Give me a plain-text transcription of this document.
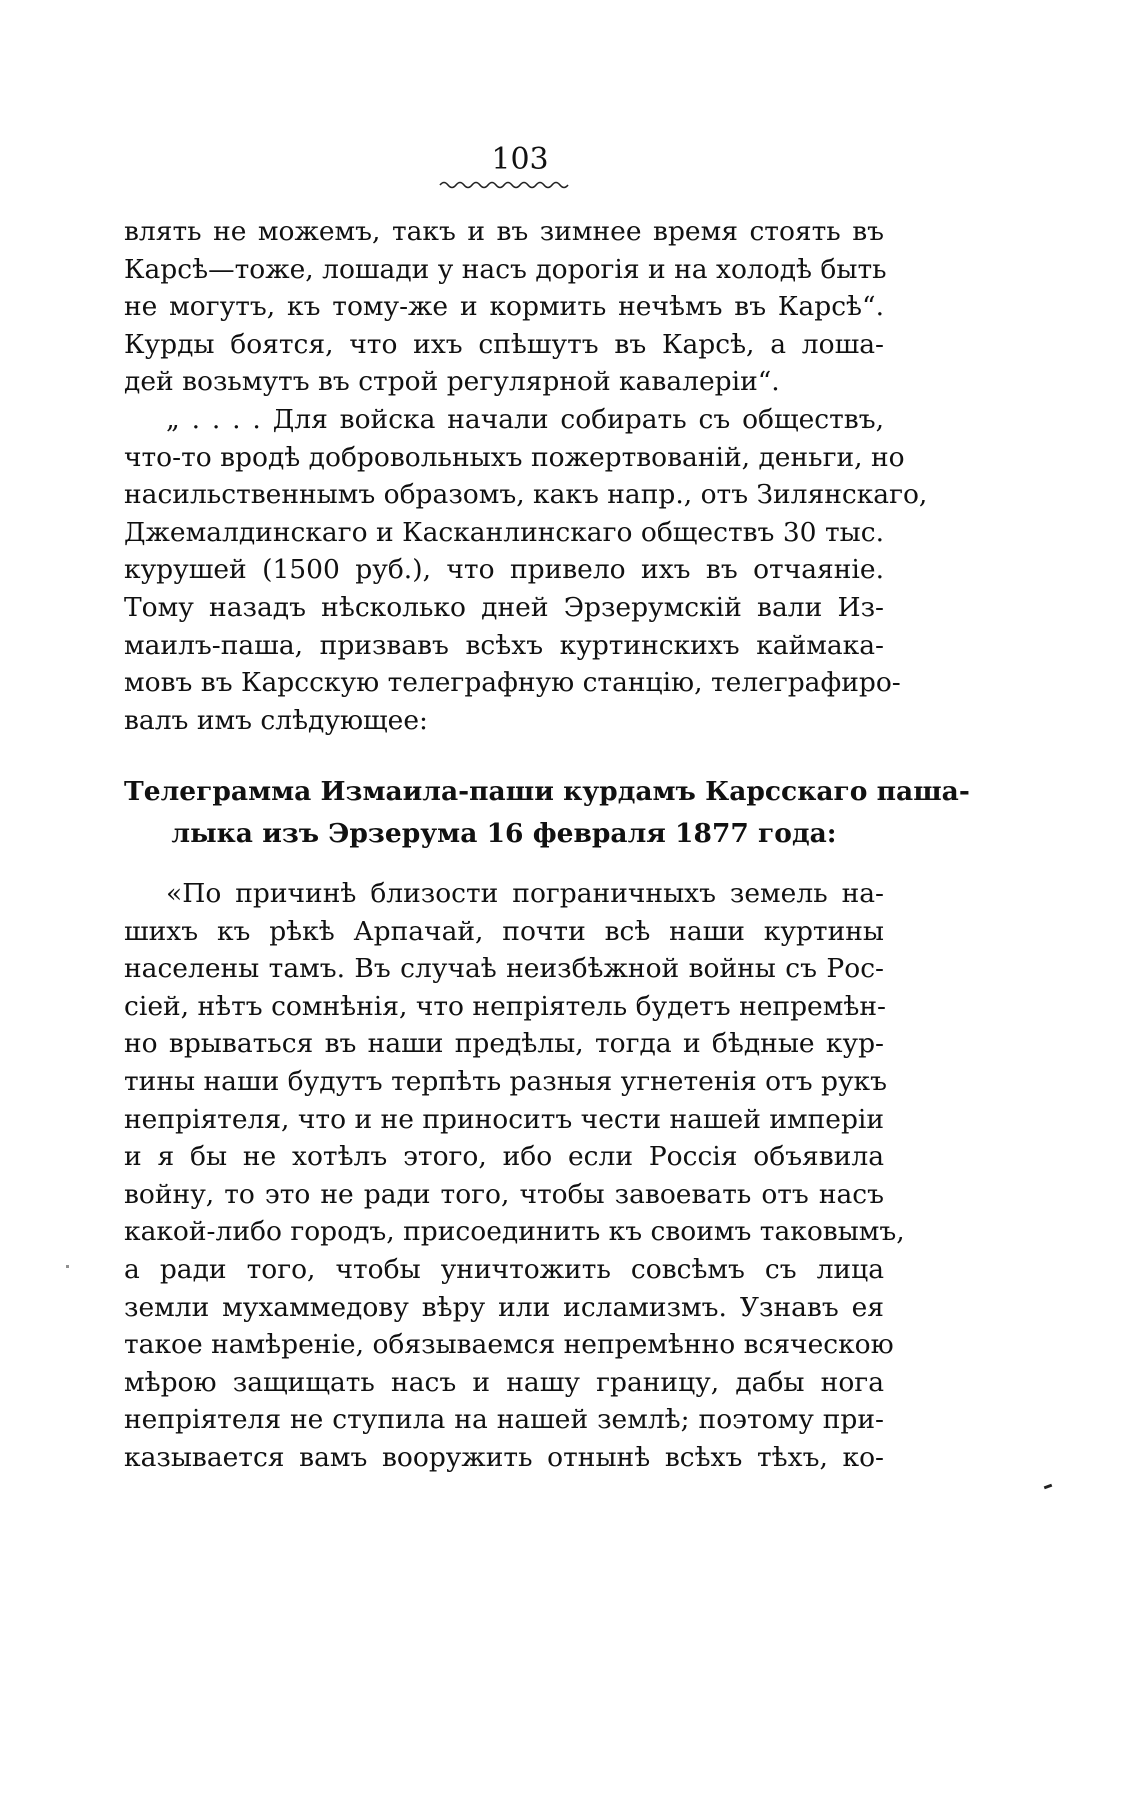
103
влять не можемъ, такъ и въ зимнее время стоять въ
Карсѣ—тоже, лошади у насъ дорогія и на холодѣ быть
не могутъ, къ тому-же и кормить нечѣмъ въ Карсѣ“.
Курды боятся, что ихъ спѣшутъ въ Карсѣ, а лоша-
дей возьмутъ въ строй регулярной кавалеріи“.
„ . . . . Для войска начали собирать съ обществъ,
что-то вродѣ добровольныхъ пожертвованій, деньги, но
насильственнымъ образомъ, какъ напр., отъ Зилянскаго,
Джемалдинскаго и Касканлинскаго обществъ 30 тыс.
курушей (1500 руб.), что привело ихъ въ отчаяніе.
Тому назадъ нѣсколько дней Эрзерумскій вали Из-
маилъ-паша, призвавъ всѣхъ куртинскихъ каймака-
мовъ въ Карсскую телеграфную станцію, телеграфиро-
валъ имъ слѣдующее:
Телеграмма Измаила-паши курдамъ Карсскаго паша-
лыка изъ Эрзерума 16 февраля 1877 года:
«По причинѣ близости пограничныхъ земель на-
шихъ къ рѣкѣ Арпачай, почти всѣ наши куртины
населены тамъ. Въ случаѣ неизбѣжной войны съ Рос-
сіей, нѣтъ сомнѣнія, что непріятель будетъ непремѣн-
но врываться въ наши предѣлы, тогда и бѣдные кур-
тины наши будутъ терпѣть разныя угнетенія отъ рукъ
непріятеля, что и не приноситъ чести нашей имперіи
и я бы не хотѣлъ этого, ибо если Россія объявила
войну, то это не ради того, чтобы завоевать отъ насъ
какой-либо городъ, присоединить къ своимъ таковымъ,
а ради того, чтобы уничтожить совсѣмъ съ лица
земли мухаммедову вѣру или исламизмъ. Узнавъ ея
такое намѣреніе, обязываемся непремѣнно всяческою
мѣрою защищать насъ и нашу границу, дабы нога
непріятеля не ступила на нашей землѣ; поэтому при-
казывается вамъ вооружить отнынѣ всѣхъ тѣхъ, ко-
